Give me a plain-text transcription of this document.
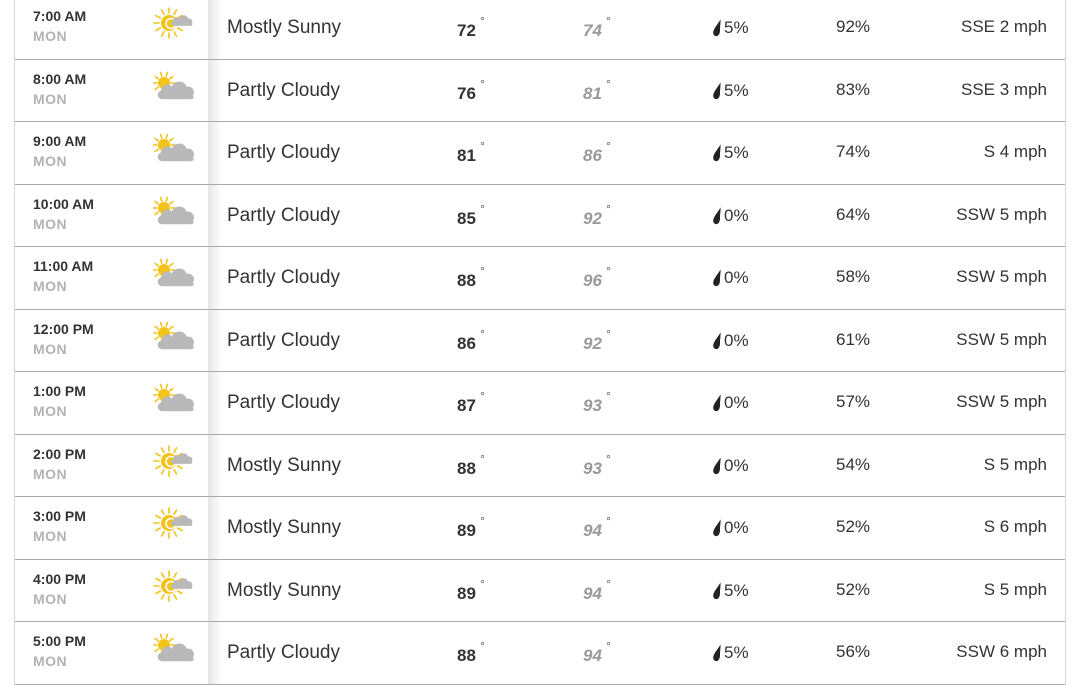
7:00 AM
MON	Mostly Sunny	72 °	74 °	5%	92%	SSE 2 mph
8:00 AM
MON	Partly Cloudy	76 °	81 °	5%	83%	SSE 3 mph
9:00 AM
MON	Partly Cloudy	81 °	86 °	5%	74%	S 4 mph
10:00 AM
MON	Partly Cloudy	85 °	92 °	0%	64%	SSW 5 mph
11:00 AM
MON	Partly Cloudy	88 °	96 °	0%	58%	SSW 5 mph
12:00 PM
MON	Partly Cloudy	86 °	92 °	0%	61%	SSW 5 mph
1:00 PM
MON	Partly Cloudy	87 °	93 °	0%	57%	SSW 5 mph
2:00 PM
MON	Mostly Sunny	88 °	93 °	0%	54%	S 5 mph
3:00 PM
MON	Mostly Sunny	89 °	94 °	0%	52%	S 6 mph
4:00 PM
MON	Mostly Sunny	89 °	94 °	5%	52%	S 5 mph
5:00 PM
MON	Partly Cloudy	88 °	94 °	5%	56%	SSW 6 mph
